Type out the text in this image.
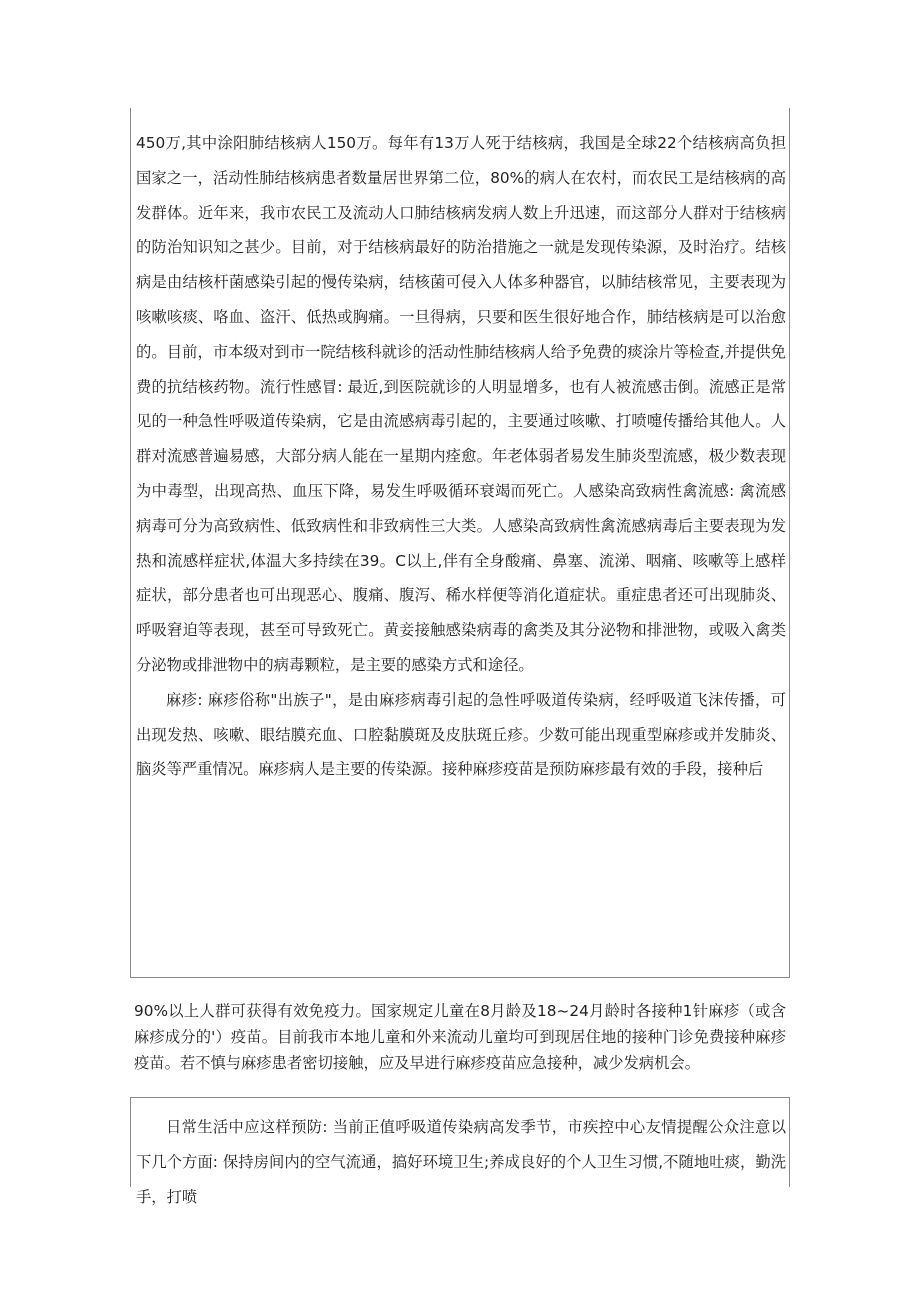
450万,其中涂阳肺结核病人150万。每年有13万人死于结核病，我国是全球22个结核病高负担国家之一，活动性肺结核病患者数量居世界第二位，80%的病人在农村，而农民工是结核病的高发群体。近年来，我市农民工及流动人口肺结核病发病人数上升迅速，而这部分人群对于结核病的防治知识知之甚少。目前，对于结核病最好的防治措施之一就是发现传染源，及时治疗。结核病是由结核杆菌感染引起的慢传染病，结核菌可侵入人体多种器官，以肺结核常见，主要表现为咳嗽咳痰、咯血、盗汗、低热或胸痛。一旦得病，只要和医生很好地合作，肺结核病是可以治愈的。目前，市本级对到市一院结核科就诊的活动性肺结核病人给予免费的痰涂片等检查,并提供免费的抗结核药物。流行性感冒: 最近,到医院就诊的人明显增多，也有人被流感击倒。流感正是常见的一种急性呼吸道传染病，它是由流感病毒引起的，主要通过咳嗽、打喷嚏传播给其他人。人群对流感普遍易感，大部分病人能在一星期内痊愈。年老体弱者易发生肺炎型流感，极少数表现为中毒型，出现高热、血压下降，易发生呼吸循环衰竭而死亡。人感染高致病性禽流感: 禽流感病毒可分为高致病性、低致病性和非致病性三大类。人感染高致病性禽流感病毒后主要表现为发热和流感样症状,体温大多持续在39。C以上,伴有全身酸痛、鼻塞、流涕、咽痛、咳嗽等上感样症状，部分患者也可出现恶心、腹痛、腹泻、稀水样便等消化道症状。重症患者还可出现肺炎、呼吸窘迫等表现，甚至可导致死亡。黄妾接触感染病毒的禽类及其分泌物和排泄物，或吸入禽类分泌物或排泄物中的病毒颗粒，是主要的感染方式和途径。

麻疹: 麻疹俗称"出族子"，是由麻疹病毒引起的急性呼吸道传染病，经呼吸道飞沫传播，可出现发热、咳嗽、眼结膜充血、口腔黏膜斑及皮肤斑丘疹。少数可能出现重型麻疹或并发肺炎、脑炎等严重情况。麻疹病人是主要的传染源。接种麻疹疫苗是预防麻疹最有效的手段，接种后

90%以上人群可获得有效免疫力。国家规定儿童在8月龄及18~24月龄时各接种1针麻疹（或含麻疹成分的'）疫苗。目前我市本地儿童和外来流动儿童均可到现居住地的接种门诊免费接种麻疹疫苗。若不慎与麻疹患者密切接触，应及早进行麻疹疫苗应急接种，减少发病机会。

日常生活中应这样预防: 当前正值呼吸道传染病高发季节，市疾控中心友情提醒公众注意以下几个方面: 保持房间内的空气流通，搞好环境卫生;养成良好的个人卫生习惯,不随地吐痰，勤洗手，打喷
